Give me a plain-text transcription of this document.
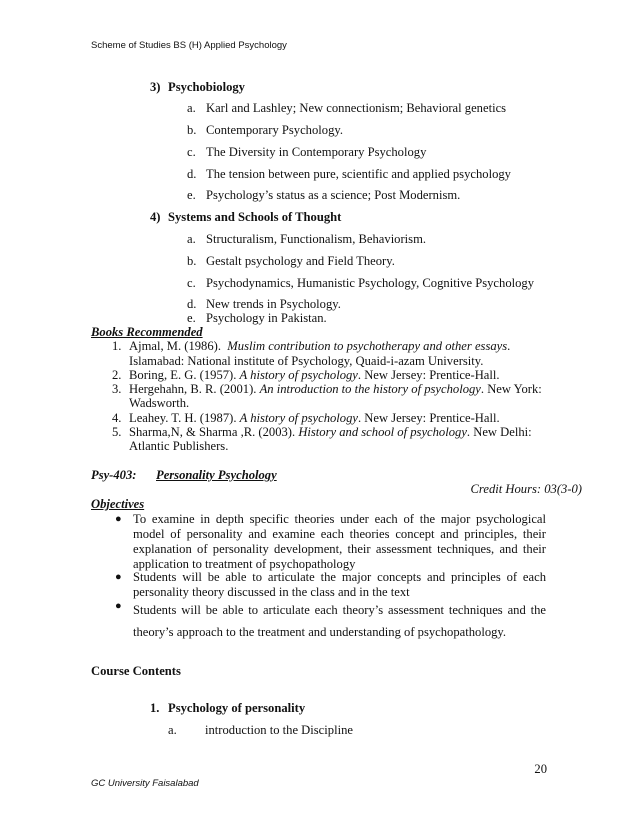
Scheme of Studies BS (H) Applied Psychology
3) Psychobiology
a. Karl and Lashley; New connectionism; Behavioral genetics
b. Contemporary Psychology.
c. The Diversity in Contemporary Psychology
d. The tension between pure, scientific and applied psychology
e. Psychology’s status as a science; Post Modernism.
4) Systems and Schools of Thought
a. Structuralism, Functionalism, Behaviorism.
b. Gestalt psychology and Field Theory.
c. Psychodynamics, Humanistic Psychology, Cognitive Psychology
d. New trends in Psychology.
e. Psychology in Pakistan.
Books Recommended
1. Ajmal, M. (1986). Muslim contribution to psychotherapy and other essays.
Islamabad: National institute of Psychology, Quaid-i-azam University.
2. Boring, E. G. (1957). A history of psychology. New Jersey: Prentice-Hall.
3. Hergehahn, B. R. (2001). An introduction to the history of psychology. New York:
Wadsworth.
4. Leahey. T. H. (1987). A history of psychology. New Jersey: Prentice-Hall.
5. Sharma,N, & Sharma ,R. (2003). History and school of psychology. New Delhi:
Atlantic Publishers.
Psy-403: Personality Psychology
Credit Hours: 03(3-0)
Objectives
● To examine in depth specific theories under each of the major psychological model of personality and examine each theories concept and principles, their explanation of personality development, their assessment techniques, and their application to treatment of psychopathology
● Students will be able to articulate the major concepts and principles of each personality theory discussed in the class and in the text
● Students will be able to articulate each theory’s assessment techniques and the theory’s approach to the treatment and understanding of psychopathology.
Course Contents
1. Psychology of personality
a. introduction to the Discipline
20
GC University Faisalabad
